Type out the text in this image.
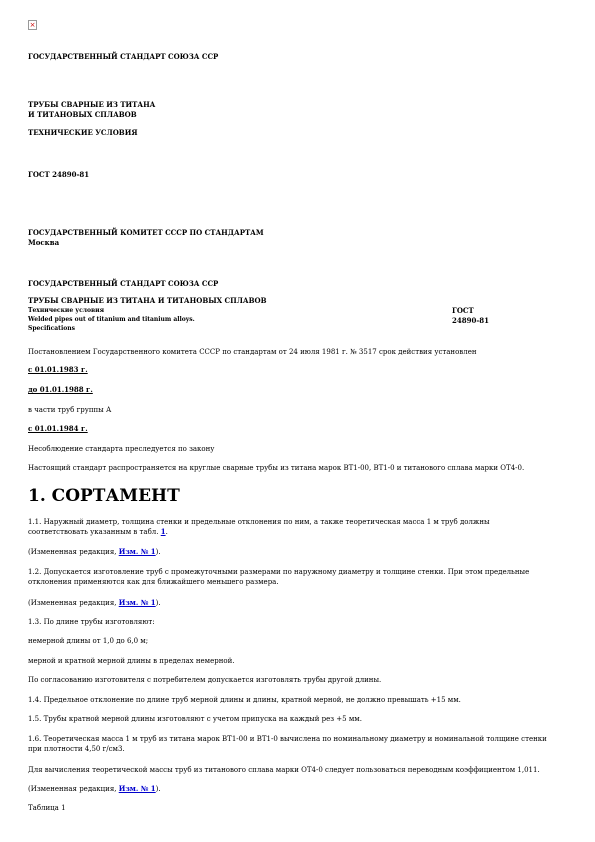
×

ГОСУДАРСТВЕННЫЙ СТАНДАРТ СОЮЗА ССР

ТРУБЫ СВАРНЫЕ ИЗ ТИТАНА

И ТИТАНОВЫХ СПЛАВОВ

ТЕХНИЧЕСКИЕ УСЛОВИЯ

ГОСТ 24890-81

ГОСУДАРСТВЕННЫЙ КОМИТЕТ СССР ПО СТАНДАРТАМ

Москва

ГОСУДАРСТВЕННЫЙ СТАНДАРТ СОЮЗА ССР

ТРУБЫ СВАРНЫЕ ИЗ ТИТАНА И ТИТАНОВЫХ СПЛАВОВ

Технические условия

Welded pipes out of titanium and titanium alloys.

Specifications

ГОСТ

24890-81

Постановлением Государственного комитета СССР по стандартам от 24 июля 1981 г. № 3517 срок действия установлен

с 01.01.1983 г.

до 01.01.1988 г.

в части труб группы А

с 01.01.1984 г.

Несоблюдение стандарта преследуется по закону

Настоящий стандарт распространяется на круглые сварные трубы из титана марок ВТ1-00, ВТ1-0 и титанового сплава марки ОТ4-0.

1. СОРТАМЕНТ

1.1. Наружный диаметр, толщина стенки и предельные отклонения по ним, а также теоретическая масса 1 м труб должны соответствовать указанным в табл. 1.

(Измененная редакция, Изм. № 1).

1.2. Допускается изготовление труб с промежуточными размерами по наружному диаметру и толщине стенки. При этом предельные отклонения применяются как для ближайшего меньшего размера.

(Измененная редакция, Изм. № 1).

1.3. По длине трубы изготовляют:

немерной длины от 1,0 до 6,0 м;

мерной и кратной мерной длины в пределах немерной.

По согласованию изготовителя с потребителем допускается изготовлять трубы другой длины.

1.4. Предельное отклонение по длине труб мерной длины и длины, кратной мерной, не должно превышать +15 мм.

1.5. Трубы кратной мерной длины изготовляют с учетом припуска на каждый рез +5 мм.

1.6. Теоретическая масса 1 м труб из титана марок ВТ1-00 и ВТ1-0 вычислена по номинальному диаметру и номинальной толщине стенки при плотности 4,50 г/см3.

Для вычисления теоретической массы труб из титанового сплава марки ОТ4-0 следует пользоваться переводным коэффициентом 1,011.

(Измененная редакция, Изм. № 1).

Таблица 1
